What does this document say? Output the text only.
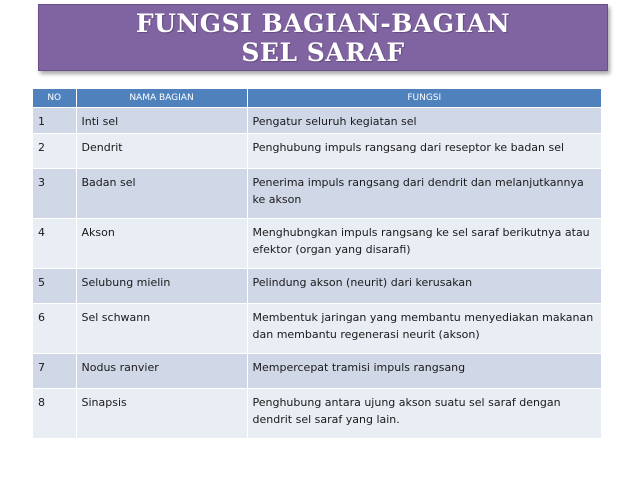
FUNGSI BAGIAN-BAGIAN SEL SARAF
NO	NAMA BAGIAN	FUNGSI
1	Inti sel	Pengatur seluruh kegiatan sel
2	Dendrit	Penghubung impuls rangsang dari reseptor ke badan sel
3	Badan sel	Penerima impuls rangsang dari dendrit dan melanjutkannya ke akson
4	Akson	Menghubngkan impuls rangsang ke sel saraf berikutnya atau efektor (organ yang disarafi)
5	Selubung mielin	Pelindung akson (neurit) dari kerusakan
6	Sel schwann	Membentuk jaringan yang membantu menyediakan makanan dan membantu regenerasi neurit (akson)
7	Nodus ranvier	Mempercepat tramisi impuls rangsang
8	Sinapsis	Penghubung antara ujung akson suatu sel saraf dengan dendrit sel saraf yang lain.
